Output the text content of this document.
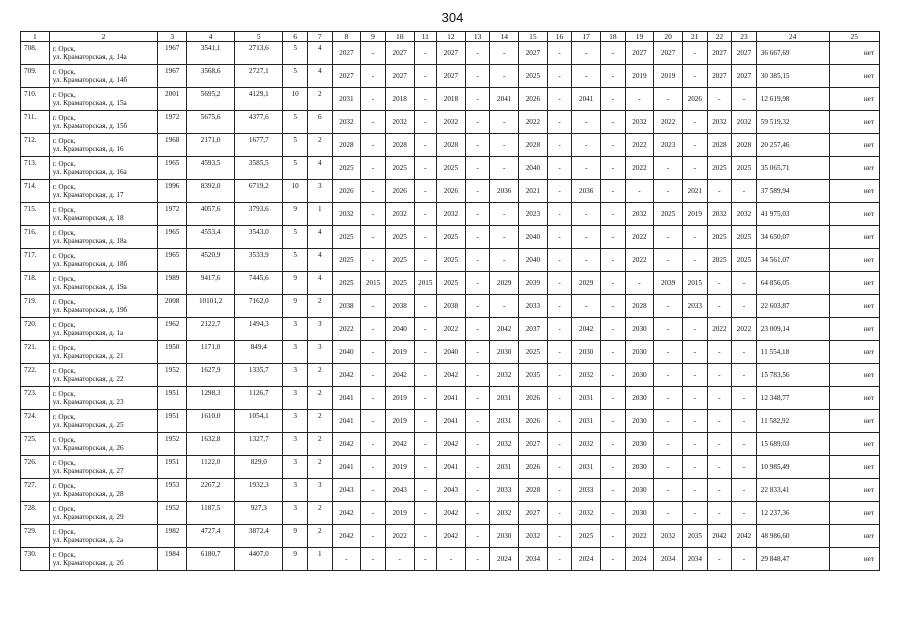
304
1	2	3	4	5	6	7	8	9	10	11	12	13	14	15	16	17	18	19	20	21	22	23	24	25
708.	г. Орск,
ул. Краматорская, д. 14а	1967	3541,1	2713,6	5	4	2027	-	2027	-	2027	-	-	2027	-	-	-	2027	2027	-	2027	2027	36 667,69	нет
709.	г. Орск,
ул. Краматорская, д. 14б	1967	3568,6	2727,1	5	4	2027	-	2027	-	2027	-	-	2025	-	-	-	2019	2019	-	2027	2027	30 385,15	нет
710.	г. Орск,
ул. Краматорская, д. 15а	2001	5695,2	4129,1	10	2	2031	-	2018	-	2018	-	2041	2026	-	2041	-	-	-	2026	-	-	12 619,98	нет
711.	г. Орск,
ул. Краматорская, д. 15б	1972	5675,6	4377,6	5	6	2032	-	2032	-	2032	-	-	2022	-	-	-	2032	2022	-	2032	2032	59 519,32	нет
712.	г. Орск,
ул. Краматорская, д. 16	1968	2171,0	1677,7	5	2	2028	-	2028	-	2028	-	-	2028	-	-	-	2022	2023	-	2028	2028	20 257,46	нет
713.	г. Орск,
ул. Краматорская, д. 16а	1965	4593,5	3585,5	5	4	2025	-	2025	-	2025	-	-	2040	-	-	-	2022	-	-	2025	2025	35 065,71	нет
714.	г. Орск,
ул. Краматорская, д. 17	1996	8392,0	6719,2	10	3	2026	-	2026	-	2026	-	2036	2021	-	2036	-	-	-	2021	-	-	37 589,94	нет
715.	г. Орск,
ул. Краматорская, д. 18	1972	4057,6	3793,6	9	1	2032	-	2032	-	2032	-	-	2023	-	-	-	2032	2025	2019	2032	2032	41 975,03	нет
716.	г. Орск,
ул. Краматорская, д. 18а	1965	4553,4	3543,0	5	4	2025	-	2025	-	2025	-	-	2040	-	-	-	2022	-	-	2025	2025	34 650,07	нет
717.	г. Орск,
ул. Краматорская, д. 18б	1965	4520,9	3533,9	5	4	2025	-	2025	-	2025	-	-	2040	-	-	-	2022	-	-	2025	2025	34 561,07	нет
718.	г. Орск,
ул. Краматорская, д. 19а	1989	9417,6	7445,6	9	4	2025	2015	2025	2015	2025	-	2029	2039	-	2029	-	-	2039	2015	-	-	64 856,05	нет
719.	г. Орск,
ул. Краматорская, д. 19б	2008	10101,2	7162,0	9	2	2038	-	2038	-	2038	-	-	2033	-	-	-	2028	-	2033	-	-	22 603,87	нет
720.	г. Орск,
ул. Краматорская, д. 1а	1962	2122,7	1494,3	3	3	2022	-	2040	-	2022	-	2042	2037	-	2042	-	2030	-	-	2022	2022	23 009,14	нет
721.	г. Орск,
ул. Краматорская, д. 21	1950	1171,0	849,4	3	3	2040	-	2019	-	2040	-	2030	2025	-	2030	-	2030	-	-	-	-	11 554,18	нет
722.	г. Орск,
ул. Краматорская, д. 22	1952	1627,9	1335,7	3	2	2042	-	2042	-	2042	-	2032	2035	-	2032	-	2030	-	-	-	-	15 783,56	нет
723.	г. Орск,
ул. Краматорская, д. 23	1951	1298,3	1126,7	3	2	2041	-	2019	-	2041	-	2031	2026	-	2031	-	2030	-	-	-	-	12 348,77	нет
724.	г. Орск,
ул. Краматорская, д. 25	1951	1610,0	1054,1	3	2	2041	-	2019	-	2041	-	2031	2026	-	2031	-	2030	-	-	-	-	11 582,92	нет
725.	г. Орск,
ул. Краматорская, д. 26	1952	1632,8	1327,7	3	2	2042	-	2042	-	2042	-	2032	2027	-	2032	-	2030	-	-	-	-	15 689,03	нет
726.	г. Орск,
ул. Краматорская, д. 27	1951	1122,0	829,0	3	2	2041	-	2019	-	2041	-	2031	2026	-	2031	-	2030	-	-	-	-	10 985,49	нет
727.	г. Орск,
ул. Краматорская, д. 28	1953	2267,2	1932,3	3	3	2043	-	2043	-	2043	-	2033	2028	-	2033	-	2030	-	-	-	-	22 833,41	нет
728.	г. Орск,
ул. Краматорская, д. 29	1952	1187,5	927,3	3	2	2042	-	2019	-	2042	-	2032	2027	-	2032	-	2030	-	-	-	-	12 237,36	нет
729.	г. Орск,
ул. Краматорская, д. 2а	1982	4727,4	3872,4	9	2	2042	-	2022	-	2042	-	2030	2032	-	2025	-	2022	2032	2035	2042	2042	48 986,60	нет
730.	г. Орск,
ул. Краматорская, д. 2б	1984	6180,7	4407,0	9	1	-	-	-	-	-	-	2024	2034	-	2024	-	2024	2034	2034	-	-	29 848,47	нет
